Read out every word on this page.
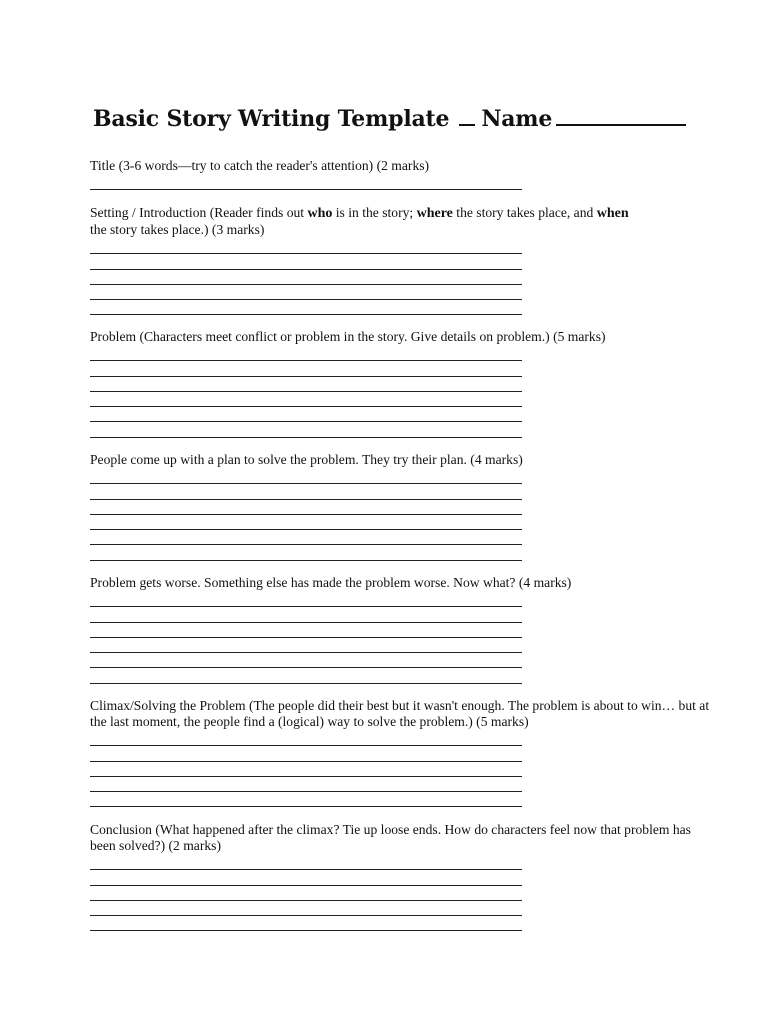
Basic Story Writing Template Name

Title (3-6 words—try to catch the reader's attention) (2 marks)

Setting / Introduction (Reader finds out who is in the story; where the story takes place, and when
the story takes place.) (3 marks)

Problem (Characters meet conflict or problem in the story. Give details on problem.) (5 marks)

People come up with a plan to solve the problem. They try their plan. (4 marks)

Problem gets worse. Something else has made the problem worse. Now what? (4 marks)

Climax/Solving the Problem (The people did their best but it wasn't enough. The problem is about to win… but at the last moment, the people find a (logical) way to solve the problem.) (5 marks)

Conclusion (What happened after the climax? Tie up loose ends. How do characters feel now that problem has been solved?) (2 marks)
